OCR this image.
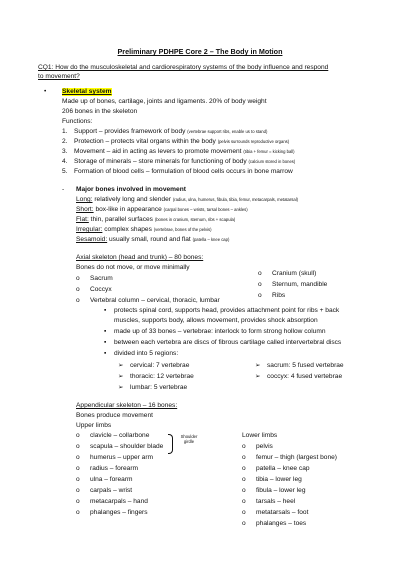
Preliminary PDHPE Core 2 – The Body in Motion
CQ1: How do the musculoskeletal and cardiorespiratory systems of the body influence and respond
to movement?
• Skeletal system
Made up of bones, cartilage, joints and ligaments. 20% of body weight
206 bones in the skeleton
Functions:
1. Support – provides framework of body (vertebrae support ribs, enable us to stand)
2. Protection – protects vital organs within the body (pelvis surrounds reproductive organs)
3. Movement – aid in acting as levers to promote movement (tibia + femur = kicking ball)
4. Storage of minerals – store minerals for functioning of body (calcium stored in bones)
5. Formation of blood cells – formulation of blood cells occurs in bone marrow
- Major bones involved in movement
Long: relatively long and slender (radius, ulna, humerus, fibula, tibia, femur, metacarpals, metatarsal)
Short: box-like in appearance (carpal bones – wrists, tarsal bones – ankles)
Flat: thin, parallel surfaces (bones in cranium, sternum, ribs + scapula)
Irregular: complex shapes (vertebrae, bones of the pelvis)
Sesamoid: usually small, round and flat (patella – knee cap)
Axial skeleton (head and trunk) – 80 bones:
Bones do not move, or move minimally
o Sacrum
o Coccyx
o Vertebral column – cervical, thoracic, lumbar
o Cranium (skull)
o Sternum, mandible
o Ribs
▪ protects spinal cord, supports head, provides attachment point for ribs + back
muscles, supports body, allows movement, provides shock absorption
▪ made up of 33 bones – vertebrae: interlock to form strong hollow column
▪ between each vertebra are discs of fibrous cartilage called intervertebral discs
▪ divided into 5 regions:
➢ cervical: 7 vertebrae
➢ thoracic: 12 vertebrae
➢ lumbar: 5 vertebrae
➢ sacrum: 5 fused vertebrae
➢ coccyx: 4 fused vertebrae
Appendicular skeleton – 16 bones:
Bones produce movement
Upper limbs
o clavicle – collarbone
o scapula – shoulder blade
o humerus – upper arm
o radius – forearm
o ulna – forearm
o carpals – wrist
o metacarpals – hand
o phalanges – fingers
Shoulder girdle
Lower limbs
o pelvis
o femur – thigh (largest bone)
o patella – knee cap
o tibia – lower leg
o fibula – lower leg
o tarsals – heel
o metatarsals – foot
o phalanges – toes
